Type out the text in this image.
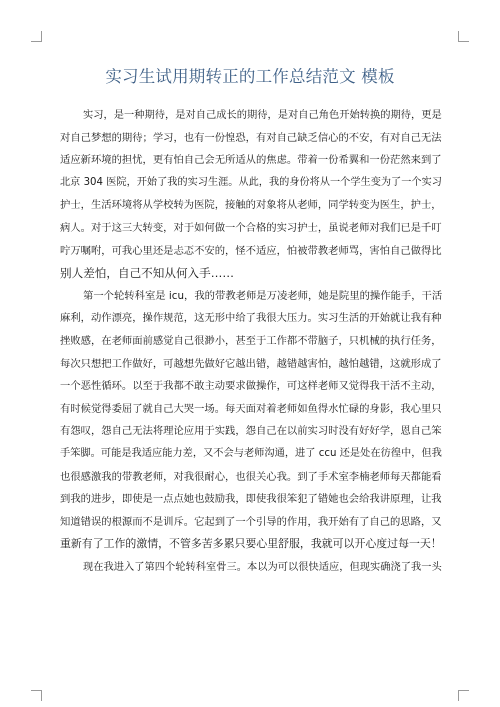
实习生试用期转正的工作总结范文 模板
实习，是一种期待，是对自己成长的期待，是对自己角色开始转换的期待，更是
对自己梦想的期待；学习，也有一份惶恐，有对自己缺乏信心的不安，有对自己无法
适应新环境的担忧，更有怕自己会无所适从的焦虑。带着一份希翼和一份茫然来到了
北京 304 医院，开始了我的实习生涯。从此，我的身份将从一个学生变为了一个实习
护士，生活环境将从学校转为医院，接触的对象将从老师，同学转变为医生，护士，
病人。对于这三大转变，对于如何做一个合格的实习护士，虽说老师对我们已是千叮
咛万嘱咐，可我心里还是忐忑不安的，怪不适应，怕被带教老师骂，害怕自己做得比
别人差怕，自己不知从何入手……
第一个轮转科室是 icu，我的带教老师是万凌老师，她是院里的操作能手，干活
麻利，动作漂亮，操作规范，这无形中给了我很大压力。实习生活的开始就让我有种
挫败感，在老师面前感觉自己很渺小，甚至于工作都不带脑子，只机械的执行任务，
每次只想把工作做好，可越想先做好它越出错，越错越害怕，越怕越错，这就形成了
一个恶性循环。以至于我都不敢主动要求做操作，可这样老师又觉得我干活不主动，
有时候觉得委屈了就自己大哭一场。每天面对着老师如鱼得水忙碌的身影，我心里只
有怨叹，怨自己无法将理论应用于实践，怨自己在以前实习时没有好好学，恩自己笨
手笨脚。可能是我适应能力差，又不会与老师沟通，进了 ccu 还是处在彷徨中，但我
也很感激我的带教老师，对我很耐心，也很关心我。到了手术室李楠老师每天都能看
到我的进步，即使是一点点她也鼓励我，即使我很笨犯了错她也会给我讲原理，让我
知道错误的根源而不是训斥。它起到了一个引导的作用，我开始有了自己的思路，又
重新有了工作的激情，不管多苦多累只要心里舒服，我就可以开心度过每一天！
现在我进入了第四个轮转科室骨三。本以为可以很快适应，但现实确浇了我一头
